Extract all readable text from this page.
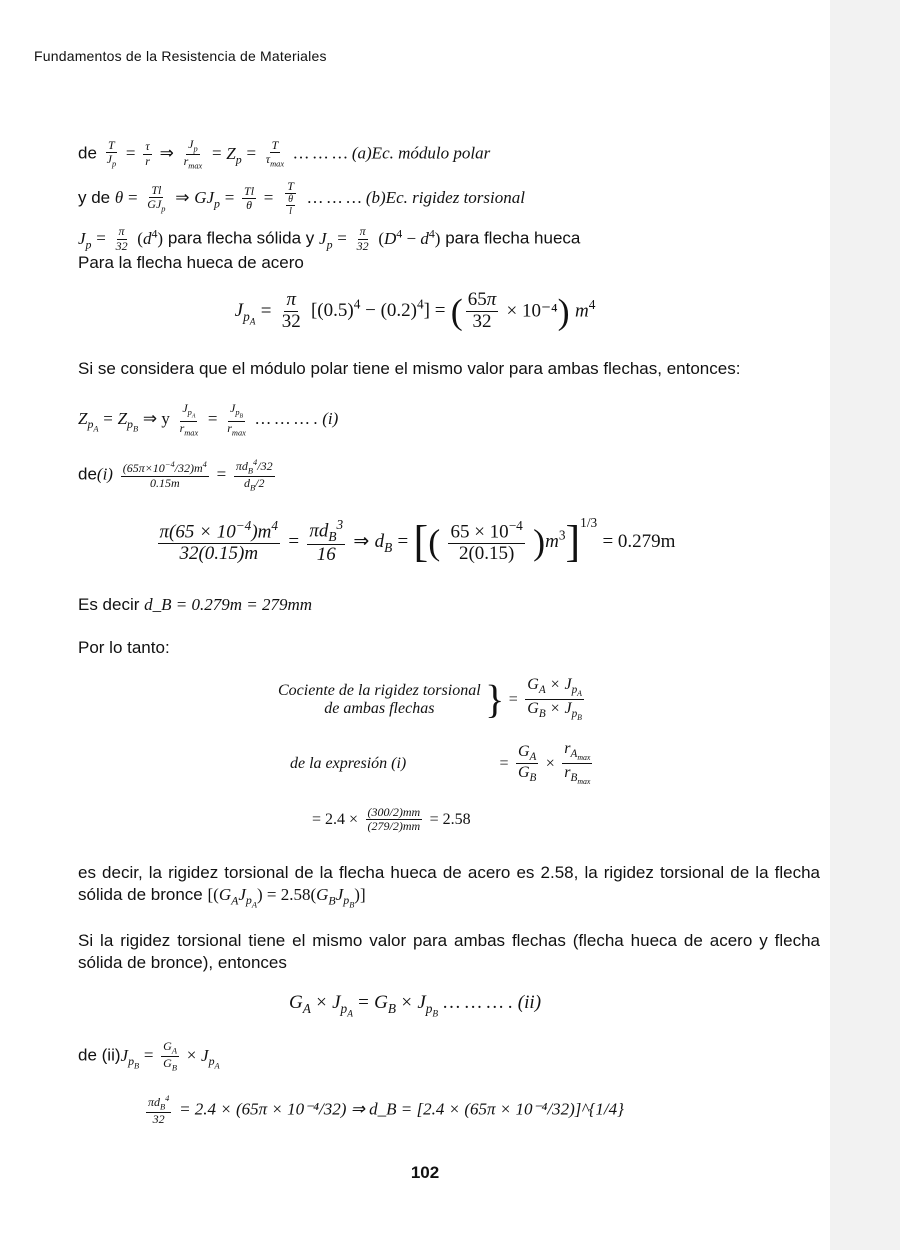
Fundamentos de la Resistencia de Materiales
de $\frac{T}{J_p} = \frac{\tau}{r}$ ⇒ $\frac{J_p}{r_{max}} = Z_p = \frac{T}{\tau_{max}}$ … … … (a)Ec. módulo polar
y de $\theta = \frac{Tl}{GJ_p}$ ⇒ $GJ_p = \frac{Tl}{\theta} = \frac{T}{\frac{\theta}{l}}$ … … … (b)Ec. rigidez torsional
$J_p = \frac{\pi}{32} (d^4)$ para flecha sólida y $J_p = \frac{\pi}{32} (D^4 - d^4)$ para flecha hueca
Para la flecha hueca de acero
$J_{p_A} = \frac{\pi}{32} [(0.5)^4 - (0.2)^4]$ = ( $\frac{65\pi}{32} \times 10^{-4}$) $m^4$
Si se considera que el módulo polar tiene el mismo valor para ambas flechas, entonces:
$Z_{p_A} = Z_{p_B}$ ⇒ y $\frac{J_{p_A}}{r_{max}} = \frac{J_{p_B}}{r_{max}}$ … … … . (i)
$de(i) \frac{(65\pi\times 10^{-4}/32)m^4}{0.15m} = \frac{\pi d_B^4/32}{d_B/2}$
$\frac{\pi(65 \times 10^{-4})m^4}{32(0.15)m} = \frac{\pi d_B^3}{16}$ ⇒ $d_B$ = [( $\frac{65 \times 10^{-4}}{2(0.15)} )m^3]^{1/3} = 0.279m$
Es decir d_B = 0.279m = 279mm
Por lo tanto:
Cociente de la rigidez torsional
de ambas flechas	} = $\frac{G_A \times J_{p_A}}{G_B \times J_{p_B}}$
de la expresión (i)	= $\frac{G_A}{G_B} \times \frac{r_{A_{max}}}{r_{B_{max}}}$
= $2.4 \times \frac{(300/2)mm}{(279/2)mm} = 2.58$
es decir, la rigidez torsional de la flecha hueca de acero es 2.58, la rigidez torsional de la flecha sólida de bronce $[(G_AJ_{p_A}) = 2.58(G_BJ_{p_B})]$
Si la rigidez torsional tiene el mismo valor para ambas flechas (flecha hueca de acero y flecha sólida de bronce), entonces
$G_A \times J_{p_A} = G_B \times J_{p_B}$ … … … . (ii)
de $(ii)J_{p_B} = \frac{G_A}{G_B} \times J_{p_A}$
$\frac{\pi d_B^4}{32} = 2.4 \times (65\pi \times 10^{-4}/32)$ ⇒ d_B = [2.4 × (65π × 10⁻⁴/32)]^{1/4}
102
